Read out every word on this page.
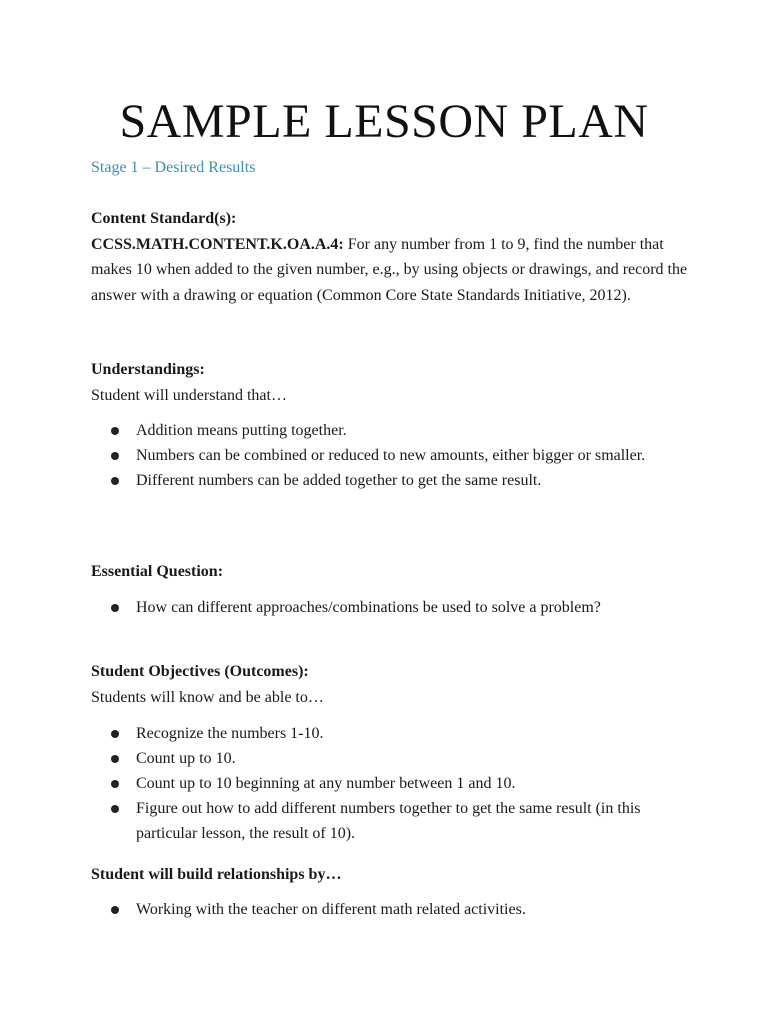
SAMPLE LESSON PLAN

Stage 1 – Desired Results

Content Standard(s):
CCSS.MATH.CONTENT.K.OA.A.4: For any number from 1 to 9, find the number that makes 10 when added to the given number, e.g., by using objects or drawings, and record the answer with a drawing or equation (Common Core State Standards Initiative, 2012).
Understandings:
Student will understand that…
Addition means putting together.
Numbers can be combined or reduced to new amounts, either bigger or smaller.
Different numbers can be added together to get the same result.
Essential Question:
How can different approaches/combinations be used to solve a problem?
Student Objectives (Outcomes):
Students will know and be able to…
Recognize the numbers 1-10.
Count up to 10.
Count up to 10 beginning at any number between 1 and 10.
Figure out how to add different numbers together to get the same result (in this particular lesson, the result of 10).
Student will build relationships by…
Working with the teacher on different math related activities.
